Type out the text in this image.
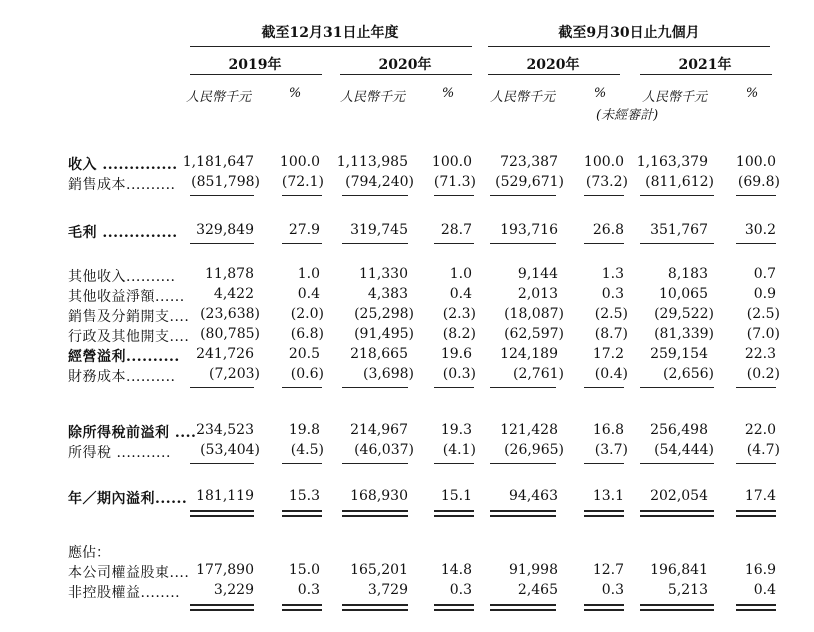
截至12月31日止年度	截至9月30日止九個月
2019年	2020年	2020年	2021年
人民幣千元	%	人民幣千元	%	人民幣千元	%
(未經審計)
人民幣千元	%
收入 .............. 1,181,647 100.0 1,113,985 100.0 723,387 100.0 1,163,379 100.0
銷售成本.......... (851,798) (72.1) (794,240) (71.3) (529,671) (73.2) (811,612) (69.8)
毛利 .............. 329,849 27.9 319,745 28.7 193,716 26.8 351,767	30.2
其他收入.......... 11,878	1.0	11,330	1.0	9,144	1.3	8,183	0.7
其他收益淨額...... 4,422	0.4	4,383	0.4	2,013	0.3	10,065	0.9
銷售及分銷開支.... (23,638) (2.0) (25,298) (2.3) (18,087) (2.5) (29,522) (2.5)
行政及其他開支.... (80,785) (6.8) (91,495) (8.2) (62,597) (8.7) (81,339) (7.0)
經營溢利.......... 241,726 20.5 218,665 19.6 124,189 17.2 259,154	22.3
財務成本.......... (7,203) (0.6)	(3,698) (0.3)	(2,761) (0.4) (2,656) (0.2)
除所得稅前溢利 .... 234,523 19.8 214,967 19.3 121,428 16.8 256,498	22.0
所得稅 ........... (53,404) (4.5) (46,037) (4.1) (26,965) (3.7) (54,444) (4.7)
年／期內溢利...... 181,119 15.3 168,930 15.1	94,463 13.1 202,054	17.4
應佔：
本公司權益股東.... 177,890 15.0 165,201 14.8	91,998 12.7 196,841	16.9
非控股權益........ 3,229	0.3	3,729	0.3	2,465	0.3	5,213	0.4
